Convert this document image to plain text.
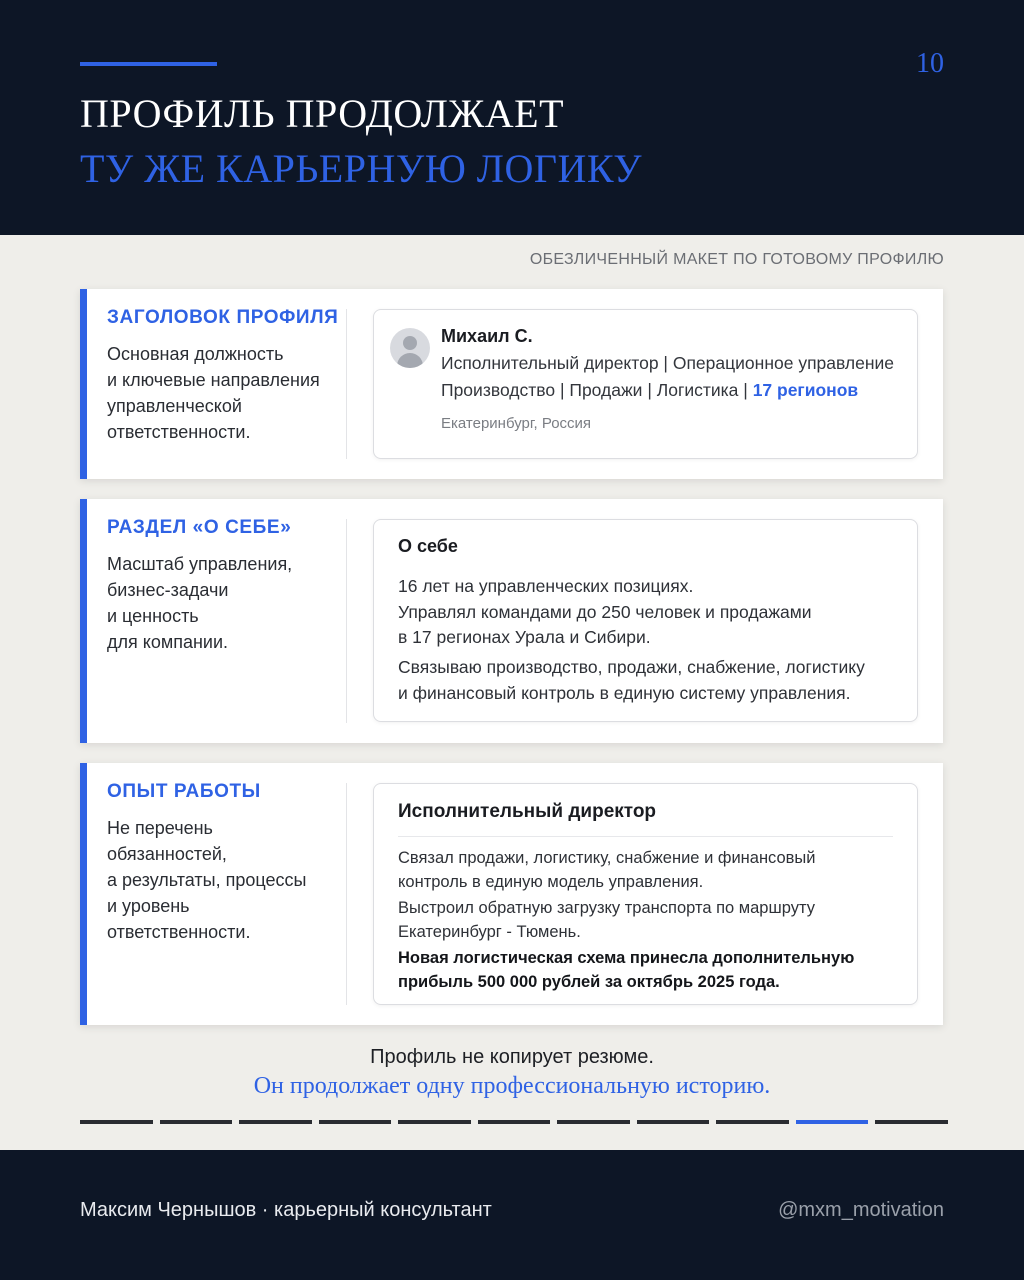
10
ПРОФИЛЬ ПРОДОЛЖАЕТ
ТУ ЖЕ КАРЬЕРНУЮ ЛОГИКУ
ОБЕЗЛИЧЕННЫЙ МАКЕТ ПО ГОТОВОМУ ПРОФИЛЮ
ЗАГОЛОВОК ПРОФИЛЯ
Основная должность
и ключевые направления
управленческой
ответственности.
Михаил С.
Исполнительный директор | Операционное управление
Производство | Продажи | Логистика | 17 регионов
Екатеринбург, Россия
РАЗДЕЛ «О СЕБЕ»
Масштаб управления,
бизнес-задачи
и ценность
для компании.
О себе
16 лет на управленческих позициях.
Управлял командами до 250 человек и продажами
в 17 регионах Урала и Сибири.
Связываю производство, продажи, снабжение, логистику
и финансовый контроль в единую систему управления.
ОПЫТ РАБОТЫ
Не перечень
обязанностей,
а результаты, процессы
и уровень
ответственности.
Исполнительный директор
Связал продажи, логистику, снабжение и финансовый
контроль в единую модель управления.
Выстроил обратную загрузку транспорта по маршруту
Екатеринбург - Тюмень.
Новая логистическая схема принесла дополнительную
прибыль 500 000 рублей за октябрь 2025 года.
Профиль не копирует резюме.
Он продолжает одну профессиональную историю.
Максим Чернышов · карьерный консультант	@mxm_motivation
